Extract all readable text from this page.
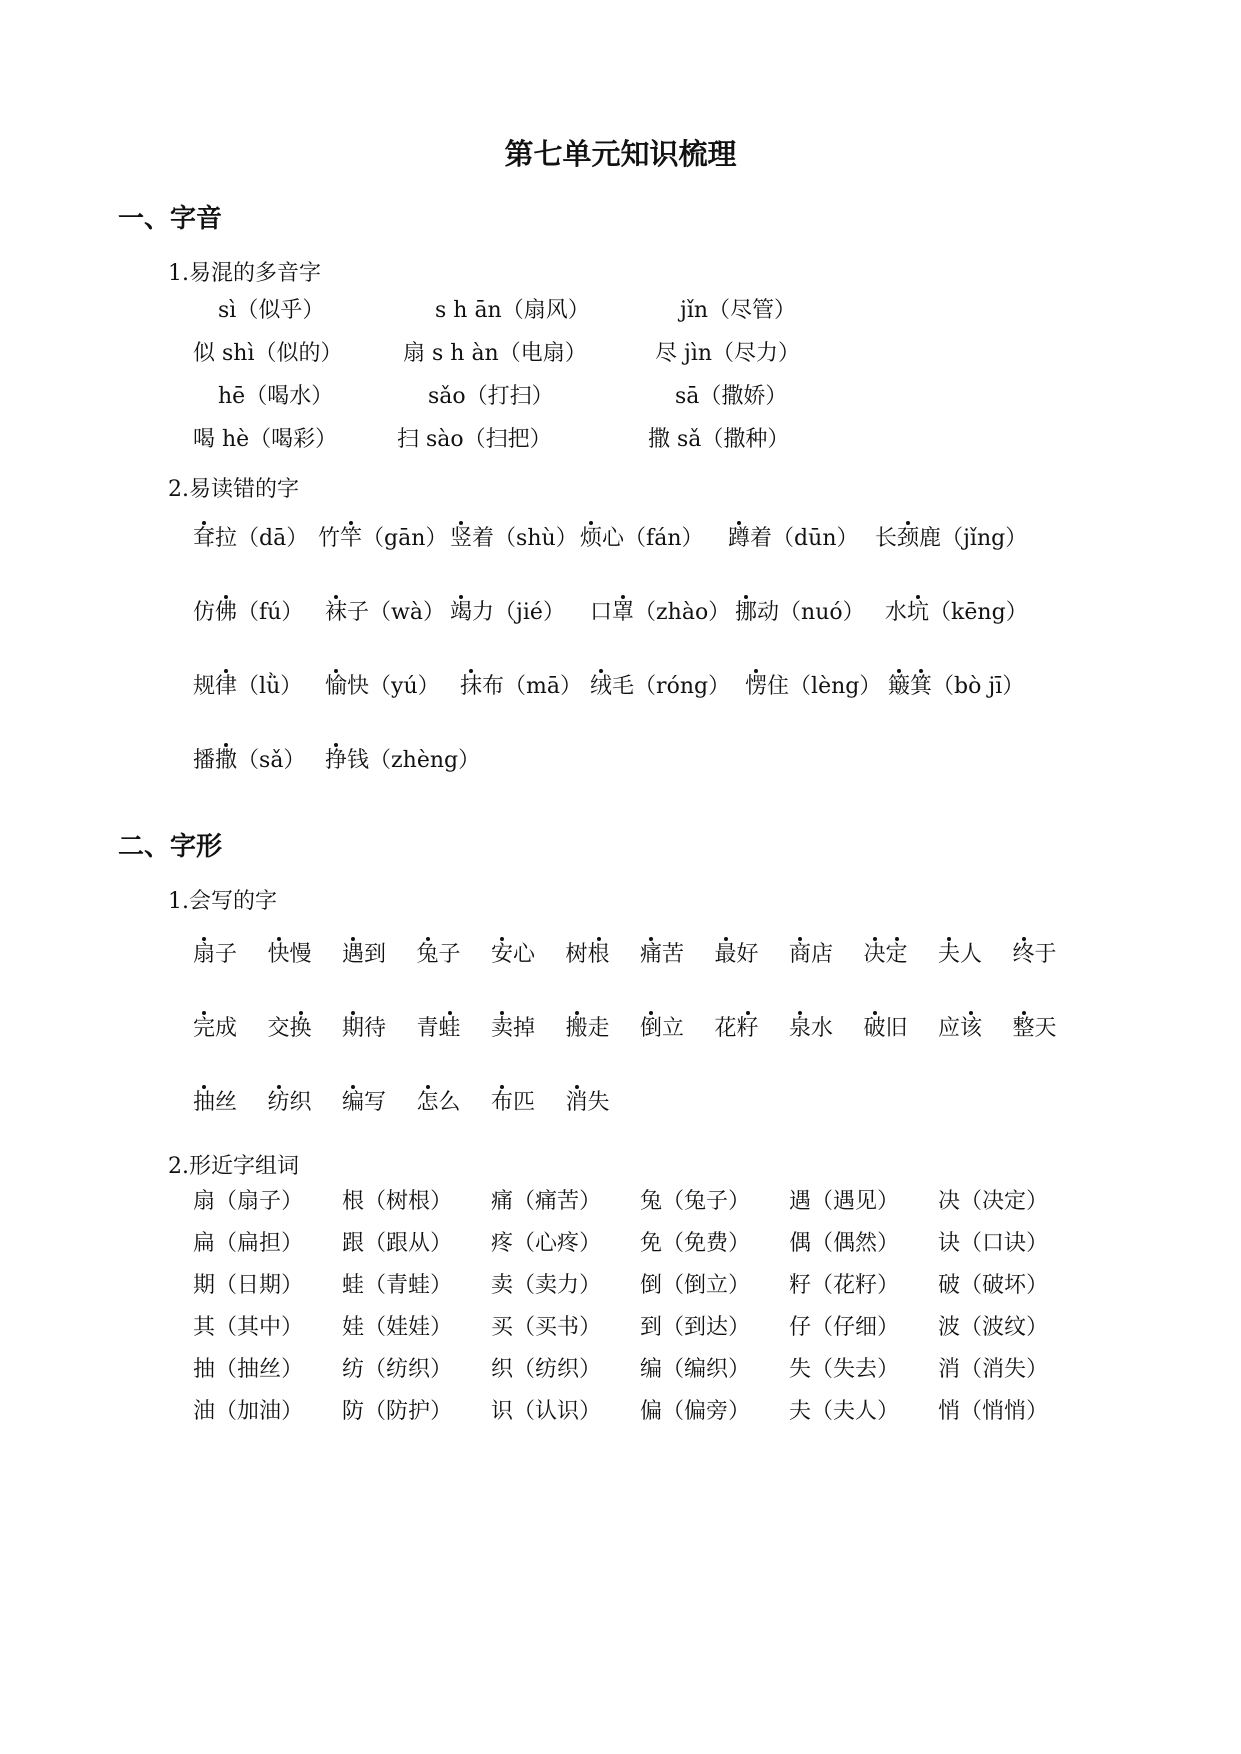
第七单元知识梳理
一、字音

1.易混的多音字

sì（似乎）	s h ān（扇风）	jǐn（尽管）
似 shì（似的）	扇 s h àn（电扇）	尽 jìn（尽力）
hē（喝水）	sǎo（打扫）	sā（撒娇）
喝 hè（喝彩）	扫 sào（扫把）	撒 sǎ（撒种）

2.易读错的字

耷拉（dā） 竹竿（gān） 竖着（shù） 烦心（fán） 蹲着（dūn） 长颈鹿（jǐng）
仿佛（fú） 袜子（wà） 竭力（jié） 口罩（zhào） 挪动（nuó） 水坑（kēng）
规律（lǜ） 愉快（yú） 抹布（mā） 绒毛（róng） 愣住（lèng） 簸箕（bò jī）
播撒（sǎ） 挣钱（zhèng）
二、字形

1.会写的字

扇子 快慢 遇到 兔子 安心 树根 痛苦 最好 商店 决定 夫人 终于
完成 交换 期待 青蛙 卖掉 搬走 倒立 花籽 泉水 破旧 应该 整天
抽丝 纺织 编写 怎么 布匹 消失

2.形近字组词

扇（扇子） 根（树根） 痛（痛苦） 兔（兔子） 遇（遇见） 决（决定）
扁（扁担） 跟（跟从） 疼（心疼） 免（免费） 偶（偶然） 诀（口诀）
期（日期） 蛙（青蛙） 卖（卖力） 倒（倒立） 籽（花籽） 破（破坏）
其（其中） 娃（娃娃） 买（买书） 到（到达） 仔（仔细） 波（波纹）
抽（抽丝） 纺（纺织） 织（纺织） 编（编织） 失（失去） 消（消失）
油（加油） 防（防护） 识（认识） 偏（偏旁） 夫（夫人） 悄（悄悄）
